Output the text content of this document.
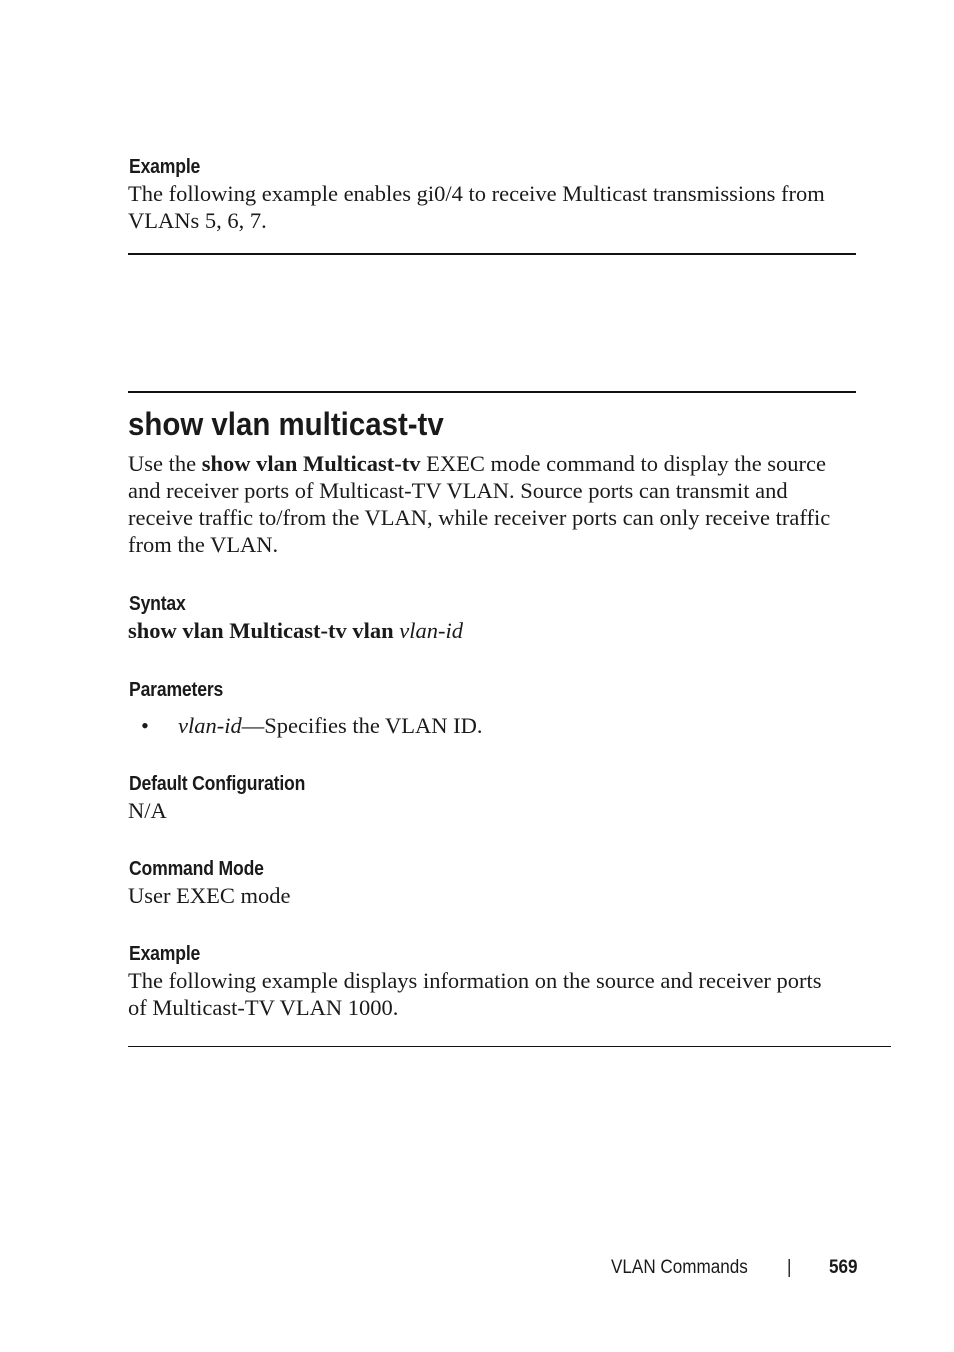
Example
The following example enables gi0/4 to receive Multicast transmissions from
VLANs 5, 6, 7.
show vlan multicast-tv
Use the show vlan Multicast-tv EXEC mode command to display the source
and receiver ports of Multicast-TV VLAN. Source ports can transmit and
receive traffic to/from the VLAN, while receiver ports can only receive traffic
from the VLAN.
Syntax
show vlan Multicast-tv vlan vlan-id
Parameters
• vlan-id—Specifies the VLAN ID.
Default Configuration
N/A
Command Mode
User EXEC mode
Example
The following example displays information on the source and receiver ports
of Multicast-TV VLAN 1000.
VLAN Commands | 569
